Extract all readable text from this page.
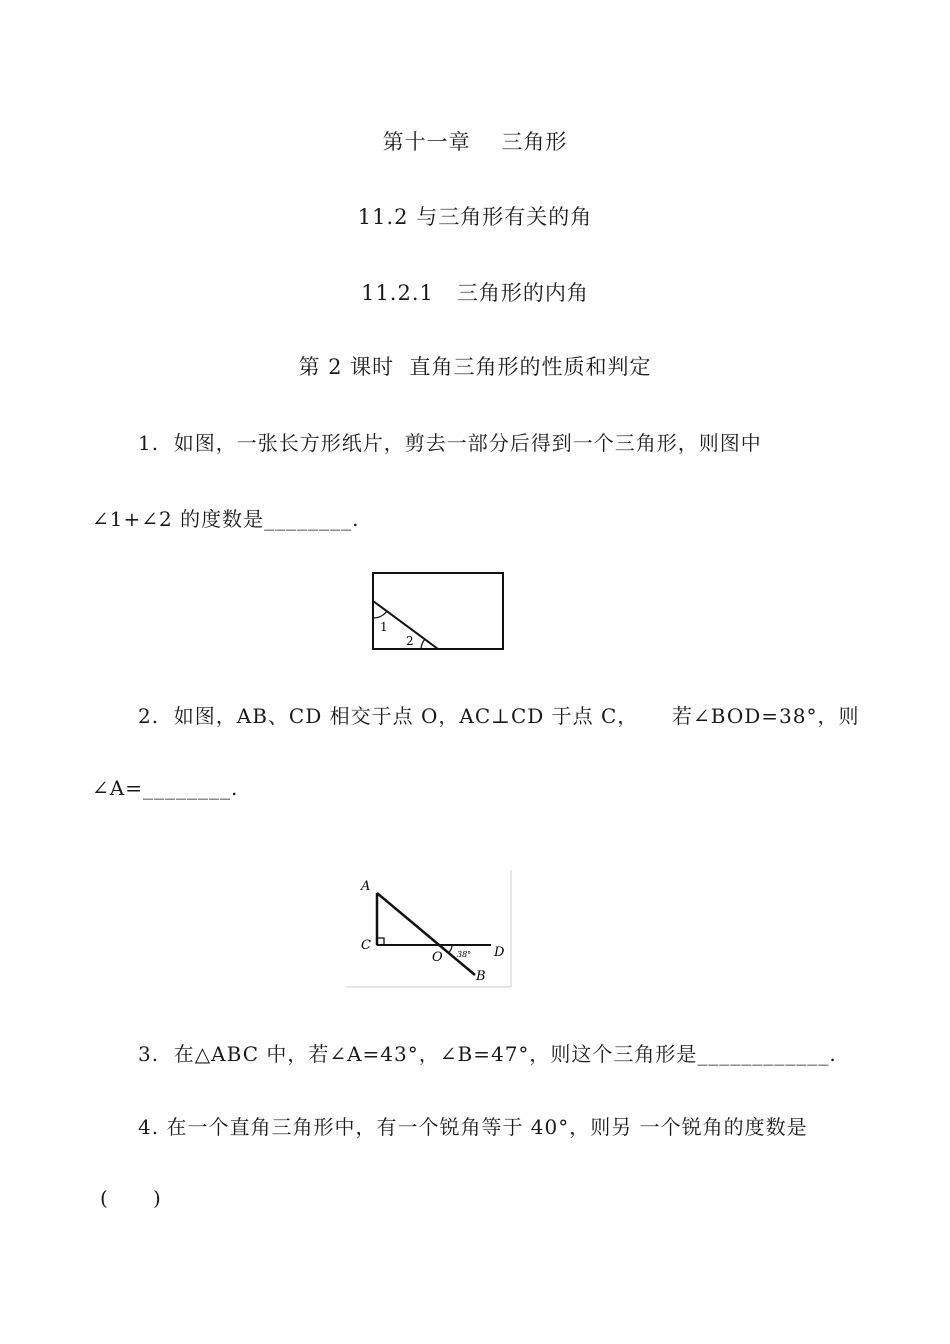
第十一章    三角形
11.2 与三角形有关的角
11.2.1   三角形的内角
第 2 课时  直角三角形的性质和判定
1.  如图，一张长方形纸片，剪去一部分后得到一个三角形，则图中
∠1+∠2 的度数是________.
1
2
2.  如图，AB、CD 相交于点 O，AC⊥CD 于点 C， 若∠BOD=38°，则
∠A=________.
A
C
O	D
B
38°
3.  在△ABC 中，若∠A=43°，∠B=47°，则这个三角形是____________.
4. 在一个直角三角形中，有一个锐角等于 40°，则另 一个锐角的度数是
(      )
